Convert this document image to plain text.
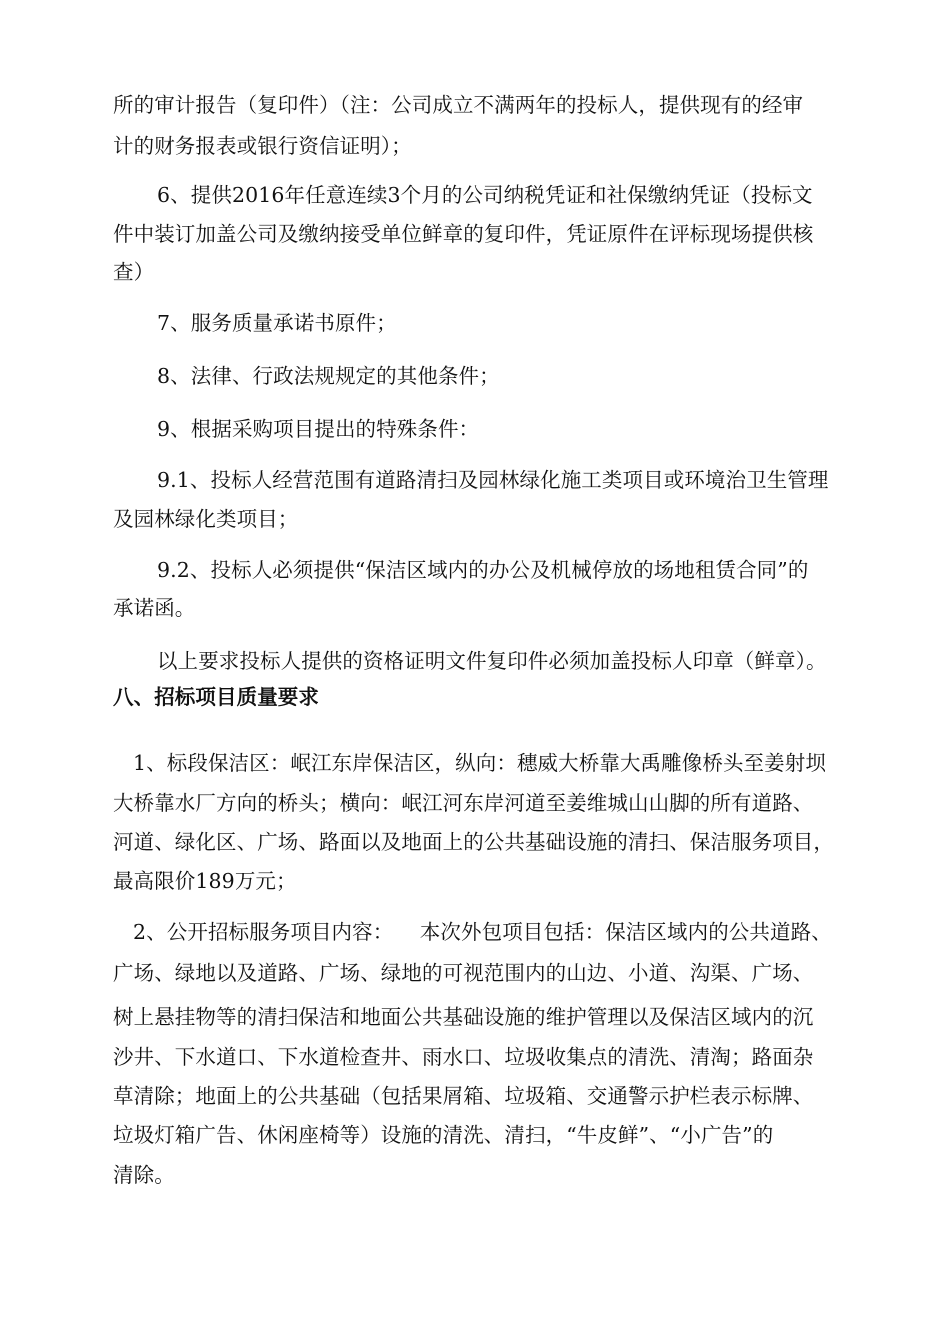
所的审计报告（复印件）（注：公司成立不满两年的投标人，提供现有的经审
计的财务报表或银行资信证明）；
6、提供2016年任意连续3个月的公司纳税凭证和社保缴纳凭证（投标文
件中装订加盖公司及缴纳接受单位鲜章的复印件，凭证原件在评标现场提供核
查）
7、服务质量承诺书原件；
8、法律、行政法规规定的其他条件；
9、根据采购项目提出的特殊条件：
9.1、投标人经营范围有道路清扫及园林绿化施工类项目或环境治卫生管理
及园林绿化类项目；
9.2、投标人必须提供“保洁区域内的办公及机械停放的场地租赁合同”的
承诺函。
以上要求投标人提供的资格证明文件复印件必须加盖投标人印章（鲜章）。
八、招标项目质量要求
1、标段保洁区：岷江东岸保洁区，纵向：穗威大桥靠大禹雕像桥头至姜射坝
大桥靠水厂方向的桥头；横向：岷江河东岸河道至姜维城山山脚的所有道路、
河道、绿化区、广场、路面以及地面上的公共基础设施的清扫、保洁服务项目，
最高限价189万元；
2、公开招标服务项目内容：    本次外包项目包括：保洁区域内的公共道路、
广场、绿地以及道路、广场、绿地的可视范围内的山边、小道、沟渠、广场、
树上悬挂物等的清扫保洁和地面公共基础设施的维护管理以及保洁区域内的沉
沙井、下水道口、下水道检查井、雨水口、垃圾收集点的清洗、清淘；路面杂
草清除；地面上的公共基础（包括果屑箱、垃圾箱、交通警示护栏表示标牌、
垃圾灯箱广告、休闲座椅等）设施的清洗、清扫，“牛皮鲜”、“小广告”的
清除。
